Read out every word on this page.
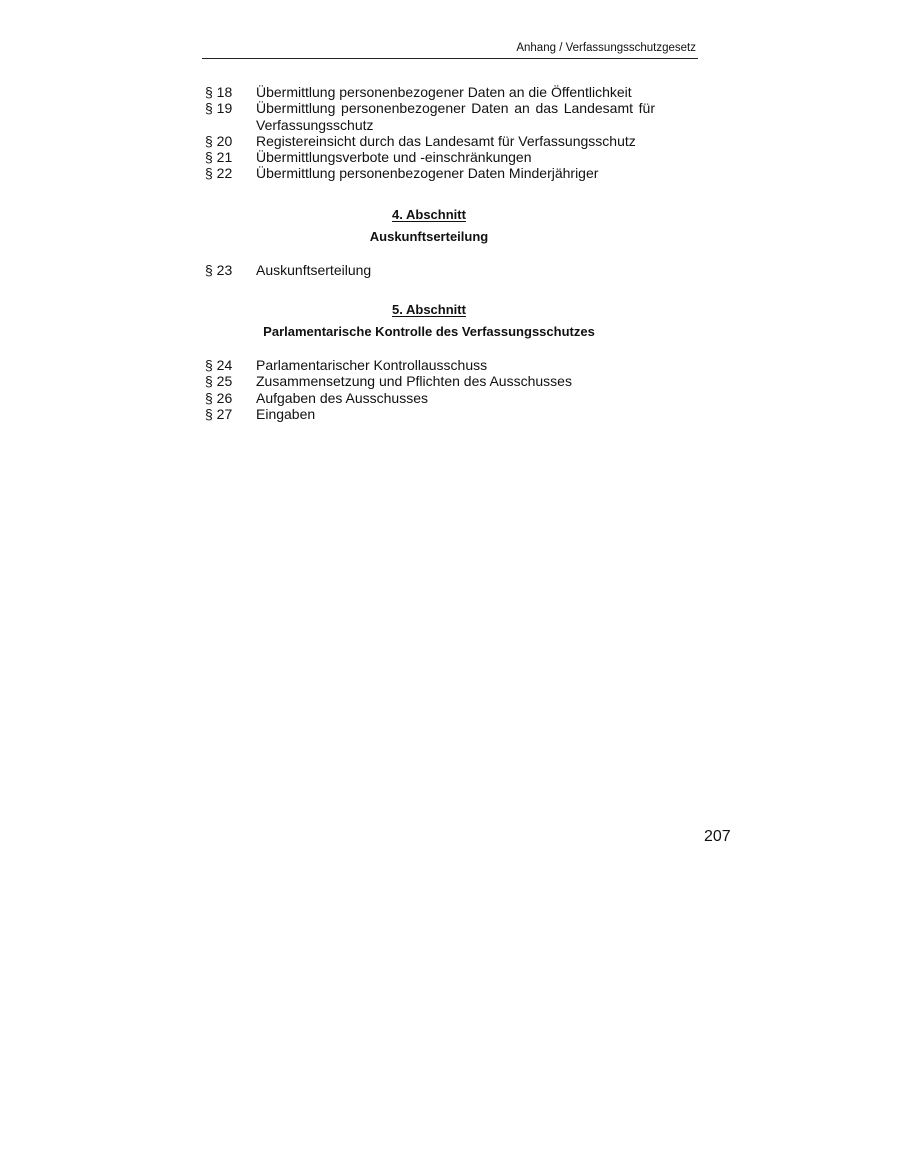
Anhang / Verfassungsschutzgesetz
§ 18 Übermittlung personenbezogener Daten an die Öffentlichkeit
§ 19 Übermittlung personenbezogener Daten an das Landesamt für Verfassungsschutz
§ 20 Registereinsicht durch das Landesamt für Verfassungsschutz
§ 21 Übermittlungsverbote und -einschränkungen
§ 22 Übermittlung personenbezogener Daten Minderjähriger
4. Abschnitt
Auskunftserteilung
§ 23 Auskunftserteilung
5. Abschnitt
Parlamentarische Kontrolle des Verfassungsschutzes
§ 24 Parlamentarischer Kontrollausschuss
§ 25 Zusammensetzung und Pflichten des Ausschusses
§ 26 Aufgaben des Ausschusses
§ 27 Eingaben
207
